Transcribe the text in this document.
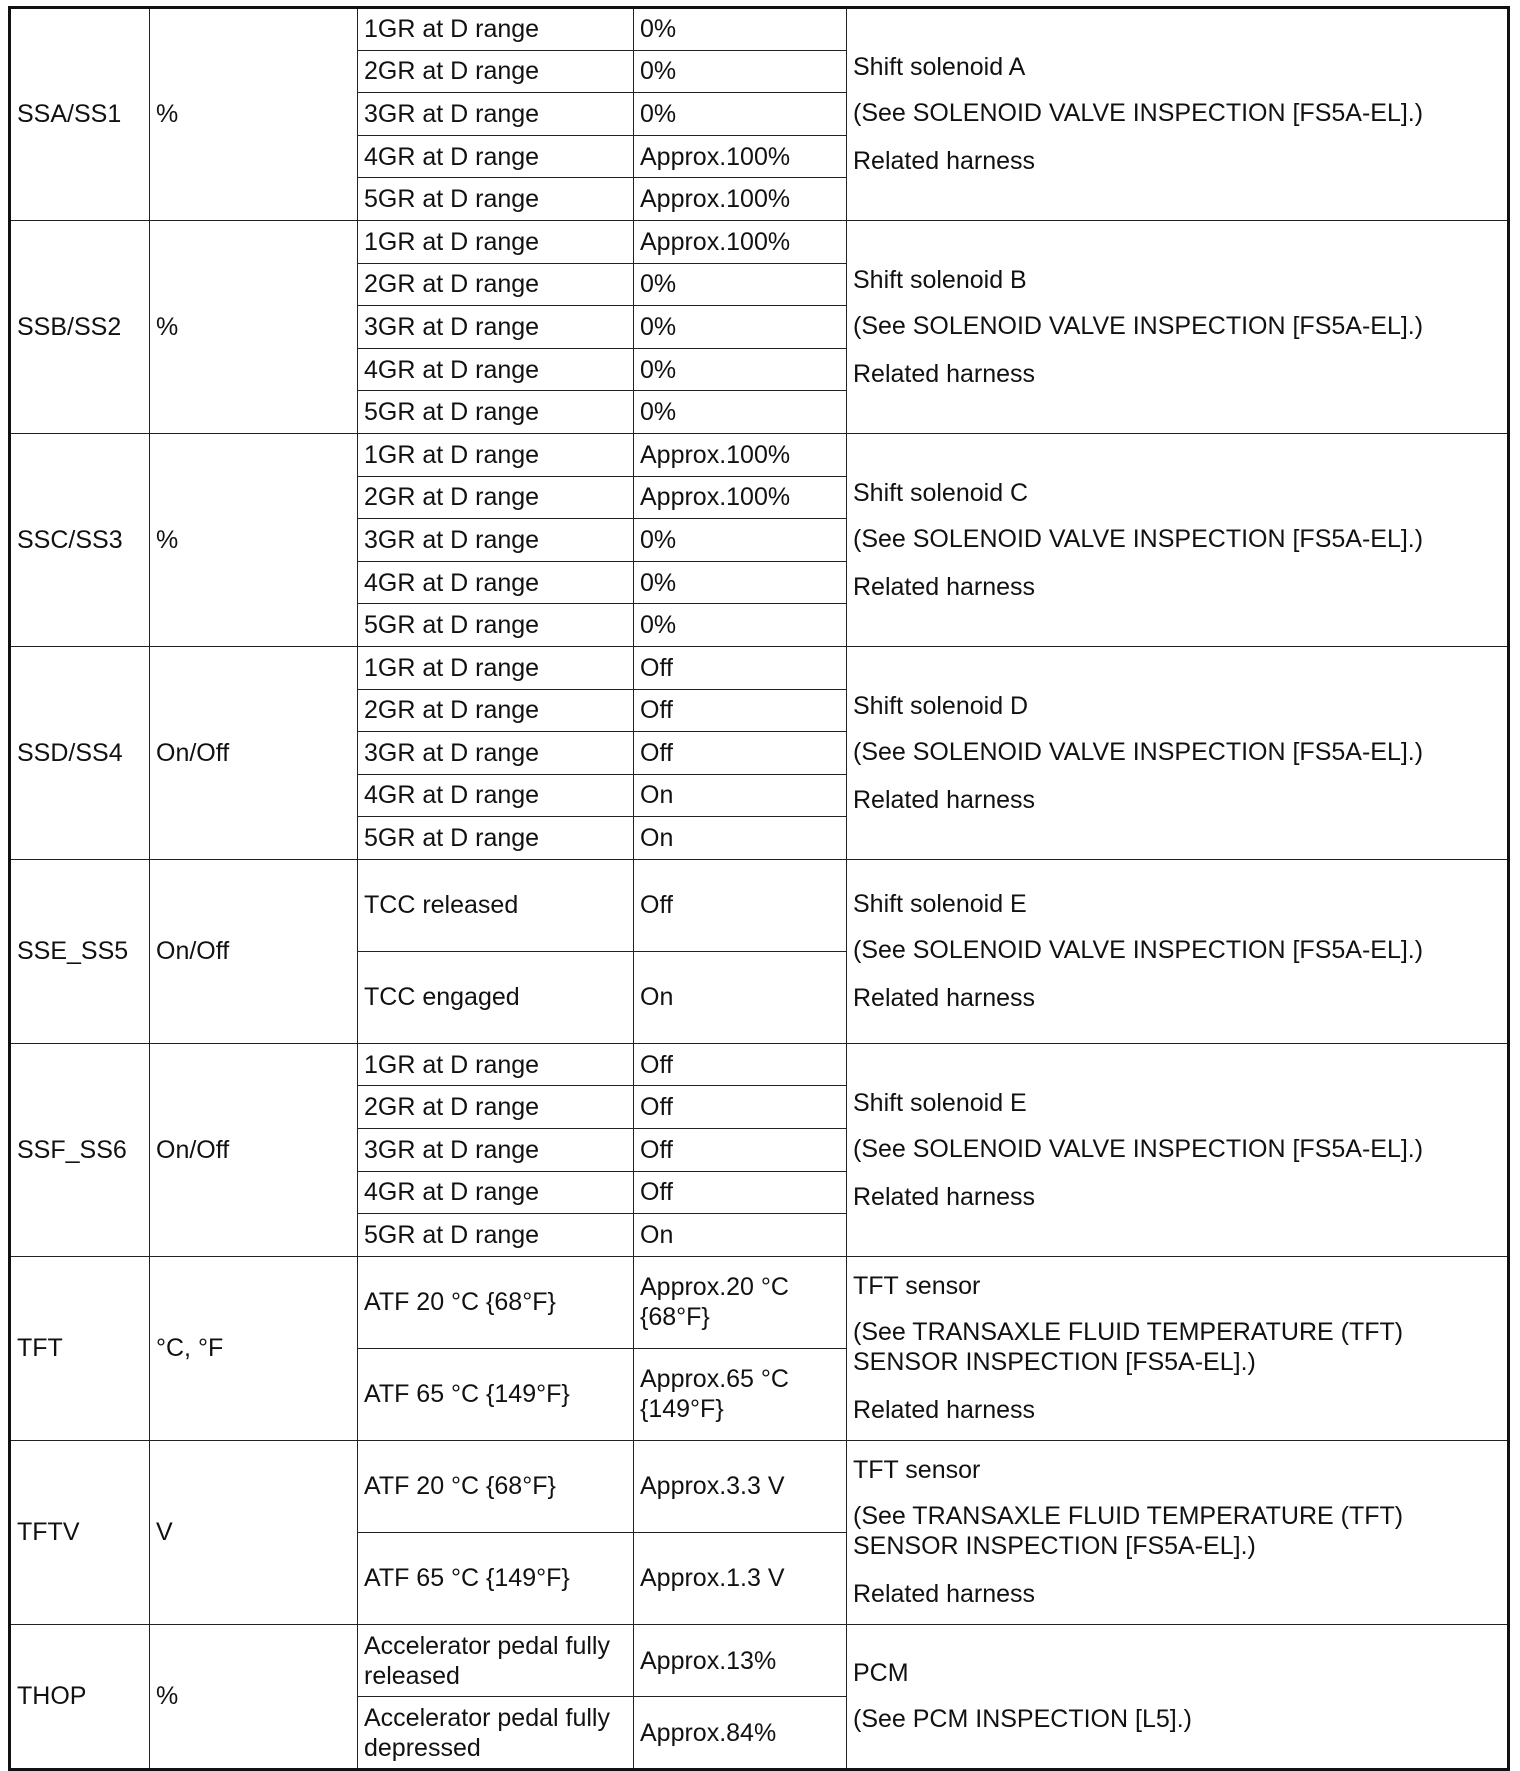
SSA/SS1	%	1GR at D range	0%	● Shift solenoid A

(See SOLENOID VALVE INSPECTION [FS5A-EL].)

● Related harness

		2GR at D range	0%	
		3GR at D range	0%	
		4GR at D range	Approx.100%	
		5GR at D range	Approx.100%	
SSB/SS2	%	1GR at D range	Approx.100%	● Shift solenoid B

(See SOLENOID VALVE INSPECTION [FS5A-EL].)

● Related harness

		2GR at D range	0%	
		3GR at D range	0%	
		4GR at D range	0%	
		5GR at D range	0%	
SSC/SS3	%	1GR at D range	Approx.100%	● Shift solenoid C

(See SOLENOID VALVE INSPECTION [FS5A-EL].)

● Related harness

		2GR at D range	Approx.100%	
		3GR at D range	0%	
		4GR at D range	0%	
		5GR at D range	0%	
SSD/SS4	On/Off	1GR at D range	Off	● Shift solenoid D

(See SOLENOID VALVE INSPECTION [FS5A-EL].)

● Related harness

		2GR at D range	Off	
		3GR at D range	Off	
		4GR at D range	On	
		5GR at D range	On	
SSE_SS5	On/Off	TCC released	Off	● Shift solenoid E

(See SOLENOID VALVE INSPECTION [FS5A-EL].)

● Related harness

		TCC engaged	On	
SSF_SS6	On/Off	1GR at D range	Off	● Shift solenoid E

(See SOLENOID VALVE INSPECTION [FS5A-EL].)

● Related harness

		2GR at D range	Off	
		3GR at D range	Off	
		4GR at D range	Off	
		5GR at D range	On	
TFT	°C, °F	ATF 20 °C {68°F}	Approx.20 °C {68°F}	● TFT sensor

(See TRANSAXLE FLUID TEMPERATURE (TFT) SENSOR INSPECTION [FS5A-EL].)

● Related harness

		ATF 65 °C {149°F}	Approx.65 °C {149°F}	
TFTV	V	ATF 20 °C {68°F}	Approx.3.3 V	● TFT sensor

(See TRANSAXLE FLUID TEMPERATURE (TFT) SENSOR INSPECTION [FS5A-EL].)

● Related harness

		ATF 65 °C {149°F}	Approx.1.3 V	
THOP	%	Accelerator pedal fully released	Approx.13%	● PCM

(See PCM INSPECTION [L5].)

		Accelerator pedal fully depressed	Approx.84%	
